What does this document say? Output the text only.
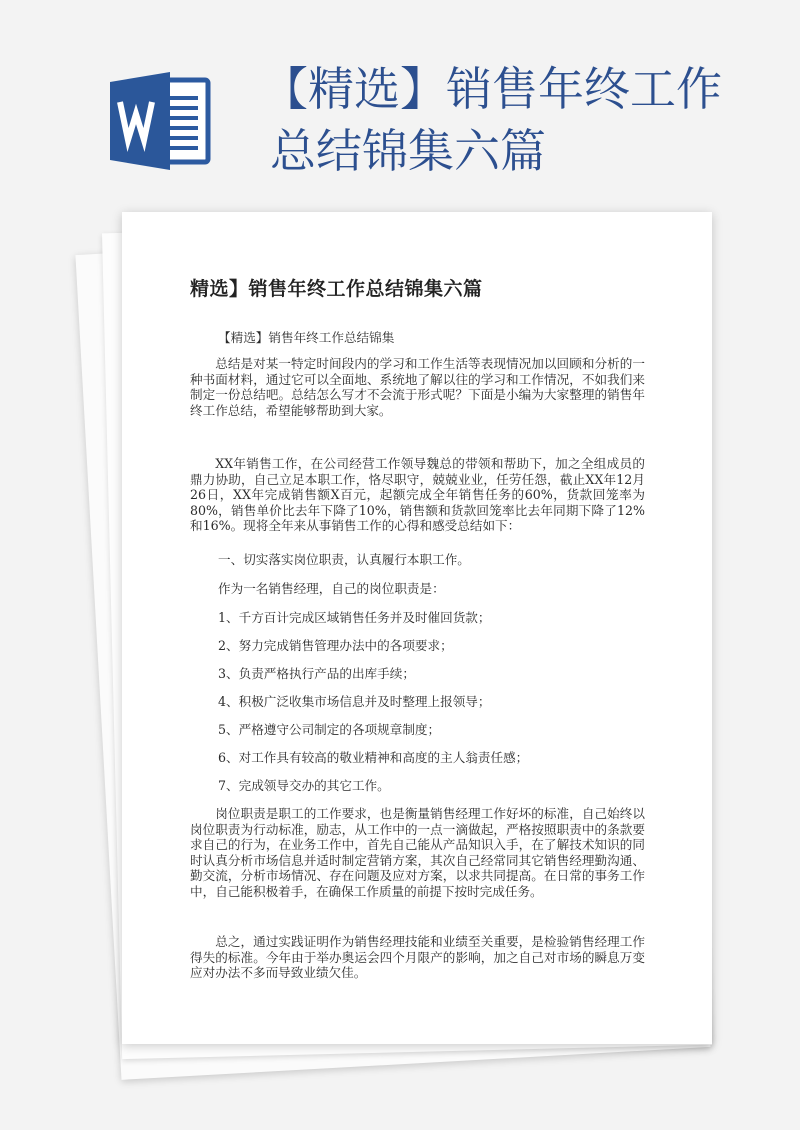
【精选】销售年终工作
总结锦集六篇
精选】销售年终工作总结锦集六篇
【精选】销售年终工作总结锦集
总结是对某一特定时间段内的学习和工作生活等表现情况加以回顾和分析的一种书面材料，通过它可以全面地、系统地了解以往的学习和工作情况，不如我们来制定一份总结吧。总结怎么写才不会流于形式呢？下面是小编为大家整理的销售年终工作总结，希望能够帮助到大家。
XX年销售工作，在公司经营工作领导魏总的带领和帮助下，加之全组成员的鼎力协助，自己立足本职工作，恪尽职守，兢兢业业，任劳任怨，截止XX年12月26日，XX年完成销售额X百元，起额完成全年销售任务的60%，货款回笼率为80%，销售单价比去年下降了10%，销售额和货款回笼率比去年同期下降了12%和16%。现将全年来从事销售工作的心得和感受总结如下：
一、切实落实岗位职责，认真履行本职工作。
作为一名销售经理，自己的岗位职责是：
1、千方百计完成区域销售任务并及时催回货款；
2、努力完成销售管理办法中的各项要求；
3、负责严格执行产品的出库手续；
4、积极广泛收集市场信息并及时整理上报领导；
5、严格遵守公司制定的各项规章制度；
6、对工作具有较高的敬业精神和高度的主人翁责任感；
7、完成领导交办的其它工作。
岗位职责是职工的工作要求，也是衡量销售经理工作好坏的标准，自己始终以岗位职责为行动标准，励志，从工作中的一点一滴做起，严格按照职责中的条款要求自己的行为，在业务工作中，首先自己能从产品知识入手，在了解技术知识的同时认真分析市场信息并适时制定营销方案，其次自己经常同其它销售经理勤沟通、勤交流，分析市场情况、存在问题及应对方案，以求共同提高。在日常的事务工作中，自己能积极着手，在确保工作质量的前提下按时完成任务。
总之，通过实践证明作为销售经理技能和业绩至关重要，是检验销售经理工作得失的标准。今年由于举办奥运会四个月限产的影响，加之自己对市场的瞬息万变应对办法不多而导致业绩欠佳。
